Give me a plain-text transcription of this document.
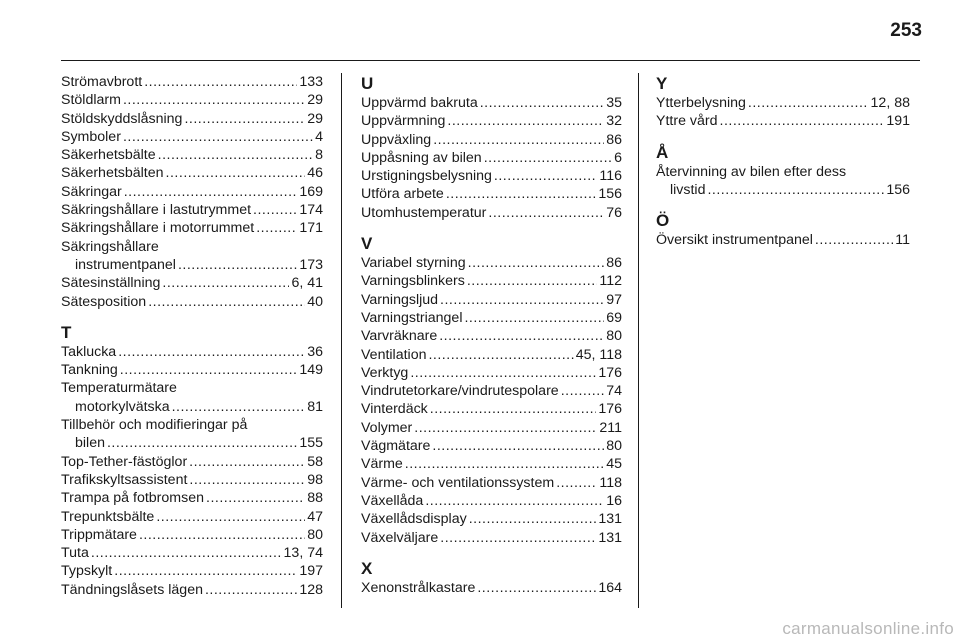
253
Strömavbrott .....	133
Stöldlarm .....	29
Stöldskyddslåsning .....	29
Symboler .....	4
Säkerhetsbälte .....	8
Säkerhetsbälten .....	46
Säkringar .....	169
Säkringshållare i lastutrymmet .....	174
Säkringshållare i motorrummet .....	171
Säkringshållare
instrumentpanel .....	173
Sätesinställning .....	6, 41
Sätesposition .....	40
T
Taklucka .....	36
Tankning .....	149
Temperaturmätare
motorkylvätska .....	81
Tillbehör och modifieringar på
bilen .....	155
Top-Tether-fästöglor .....	58
Trafikskyltsassistent .....	98
Trampa på fotbromsen .....	88
Trepunktsbälte .....	47
Trippmätare .....	80
Tuta .....	13, 74
Typskylt .....	197
Tändningslåsets lägen .....	128
U
Uppvärmd bakruta .....	35
Uppvärmning .....	32
Uppväxling .....	86
Uppåsning av bilen .....	6
Urstigningsbelysning .....	116
Utföra arbete .....	156
Utomhustemperatur .....	76
V
Variabel styrning .....	86
Varningsblinkers .....	112
Varningsljud .....	97
Varningstriangel .....	69
Varvräknare .....	80
Ventilation .....	45, 118
Verktyg .....	176
Vindrutetorkare/vindrutespolare .....	74
Vinterdäck .....	176
Volymer .....	211
Vägmätare .....	80
Värme .....	45
Värme- och ventilationssystem .....	118
Växellåda .....	16
Växellådsdisplay .....	131
Växelväljare .....	131
X
Xenonstrålkastare .....	164
Y
Ytterbelysning .....	12, 88
Yttre vård .....	191
Å
Återvinning av bilen efter dess
livstid .....	156
Ö
Översikt instrumentpanel .....	11
carmanualsonline.info
